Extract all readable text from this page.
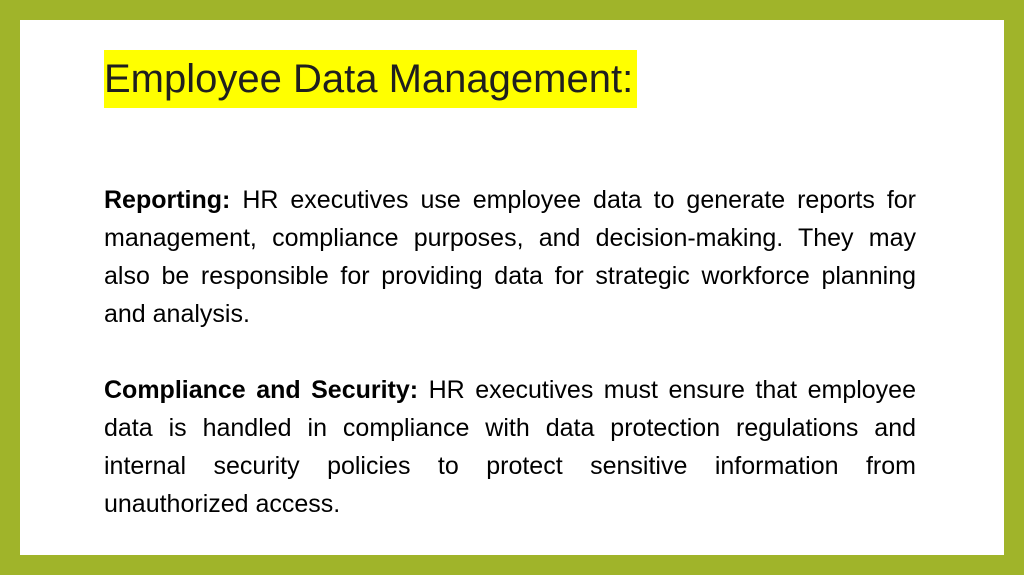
Employee Data Management:
Reporting: HR executives use employee data to generate reports for management, compliance purposes, and decision-making. They may also be responsible for providing data for strategic workforce planning and analysis.
Compliance and Security: HR executives must ensure that employee data is handled in compliance with data protection regulations and internal security policies to protect sensitive information from unauthorized access.
